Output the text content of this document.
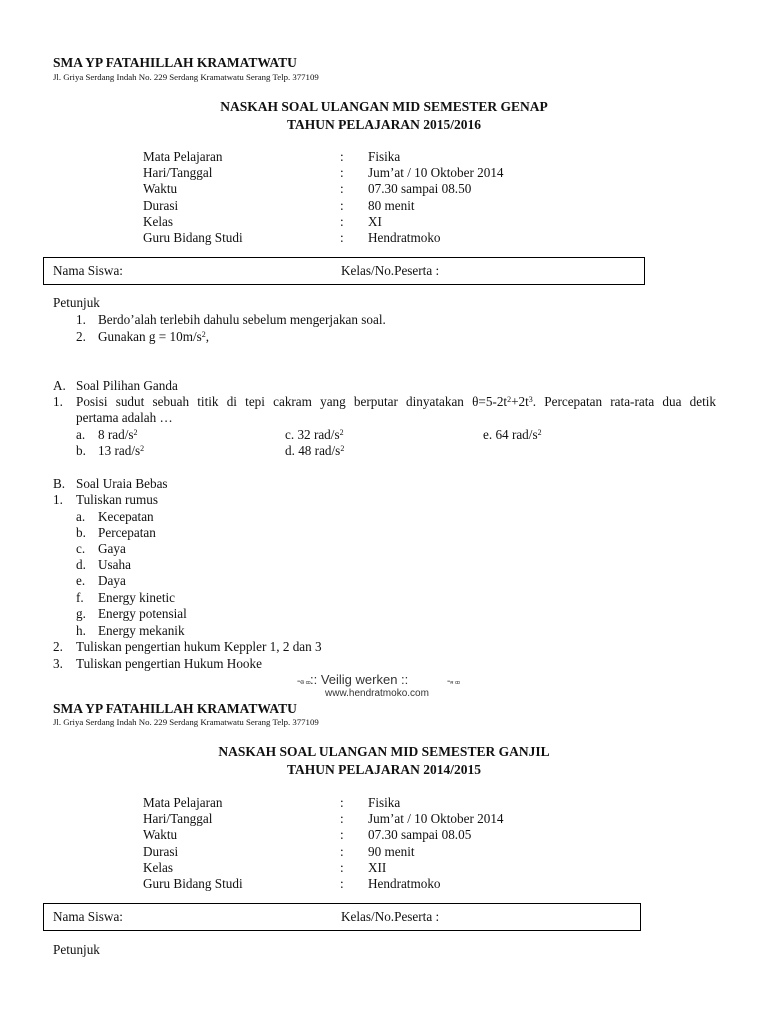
SMA YP FATAHILLAH KRAMATWATU
Jl. Griya Serdang Indah No. 229 Serdang Kramatwatu Serang Telp. 377109
NASKAH SOAL ULANGAN MID SEMESTER GENAP
TAHUN PELAJARAN 2015/2016
Mata Pelajaran	: Fisika
Hari/Tanggal	: Jum’at / 10 Oktober 2014
Waktu	: 07.30 sampai 08.50
Durasi	: 80 menit
Kelas	: XI
Guru Bidang Studi	: Hendratmoko
Nama Siswa:	Kelas/No.Peserta :
Petunjuk
1. Berdo’alah terlebih dahulu sebelum mengerjakan soal.
2. Gunakan $g = 10m/s^2$,
A. Soal Pilihan Ganda
1. Posisi sudut sebuah titik di tepi cakram yang berputar dinyatakan $\theta=5-2t^2+2t^3$. Percepatan rata-rata dua detik
pertama adalah …
a. 8 rad/$s^2$
b. 13 rad/$s^2$
c. 32 rad/$s^2$
d. 48 rad/$s^2$
e. 64 rad/$s^2$
B. Soal Uraia Bebas
1. Tuliskan rumus
a. Kecepatan
b. Percepatan
c. Gaya
d. Usaha
e. Daya
f. Energy kinetic
g. Energy potensial
h. Energy mekanik
2. Tuliskan pengertian hukum Keppler 1, 2 dan 3
3. Tuliskan pengertian Hukum Hooke
ꟹꞠ ꝏ :: Veilig werken ::	ꟹꞥ ꝏ
www.hendratmoko.com
SMA YP FATAHILLAH KRAMATWATU
Jl. Griya Serdang Indah No. 229 Serdang Kramatwatu Serang Telp. 377109
NASKAH SOAL ULANGAN MID SEMESTER GANJIL
TAHUN PELAJARAN 2014/2015
Mata Pelajaran	: Fisika
Hari/Tanggal	: Jum’at / 10 Oktober 2014
Waktu	: 07.30 sampai 08.05
Durasi	: 90 menit
Kelas	: XII
Guru Bidang Studi	: Hendratmoko
Nama Siswa:	Kelas/No.Peserta :
Petunjuk
